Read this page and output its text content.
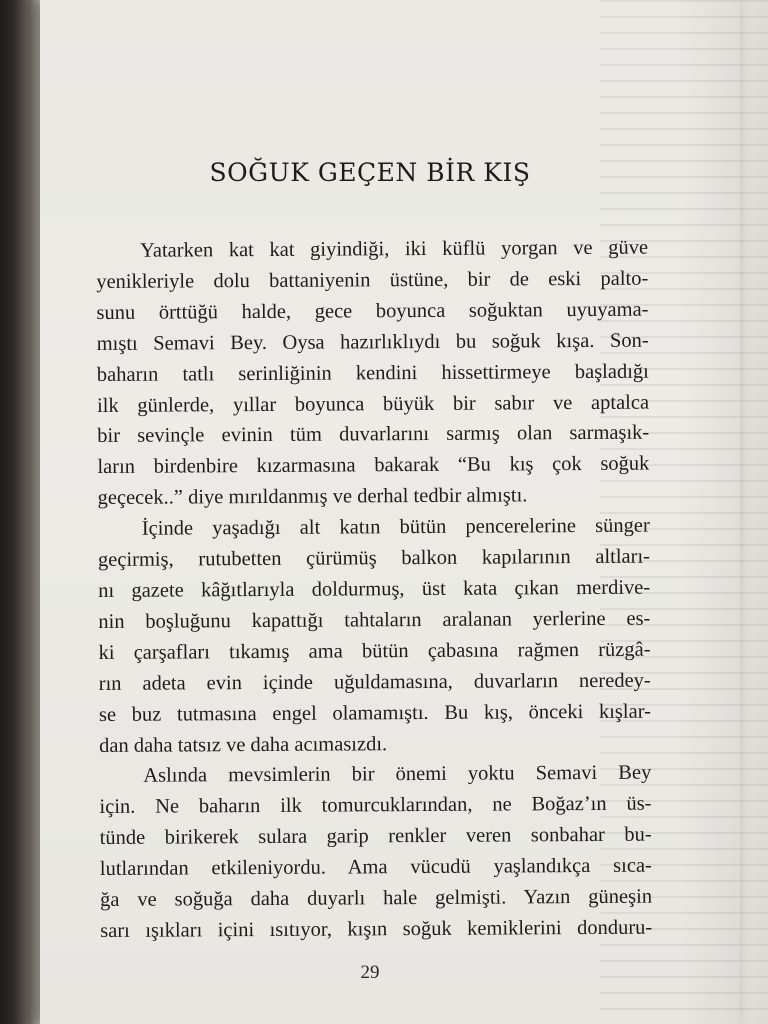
SOĞUK GEÇEN BİR KIŞ
Yatarken kat kat giyindiği, iki küflü yorgan ve güve
yenikleriyle dolu battaniyenin üstüne, bir de eski palto-
sunu örttüğü halde, gece boyunca soğuktan uyuyama-
mıştı Semavi Bey. Oysa hazırlıklıydı bu soğuk kışa. Son-
baharın tatlı serinliğinin kendini hissettirmeye başladığı
ilk günlerde, yıllar boyunca büyük bir sabır ve aptalca
bir sevinçle evinin tüm duvarlarını sarmış olan sarmaşık-
ların birdenbire kızarmasına bakarak “Bu kış çok soğuk
geçecek..” diye mırıldanmış ve derhal tedbir almıştı.
İçinde yaşadığı alt katın bütün pencerelerine sünger
geçirmiş, rutubetten çürümüş balkon kapılarının altları-
nı gazete kâğıtlarıyla doldurmuş, üst kata çıkan merdive-
nin boşluğunu kapattığı tahtaların aralanan yerlerine es-
ki çarşafları tıkamış ama bütün çabasına rağmen rüzgâ-
rın adeta evin içinde uğuldamasına, duvarların neredey-
se buz tutmasına engel olamamıştı. Bu kış, önceki kışlar-
dan daha tatsız ve daha acımasızdı.
Aslında mevsimlerin bir önemi yoktu Semavi Bey
için. Ne baharın ilk tomurcuklarından, ne Boğaz’ın üs-
tünde birikerek sulara garip renkler veren sonbahar bu-
lutlarından etkileniyordu. Ama vücudü yaşlandıkça sıca-
ğa ve soğuğa daha duyarlı hale gelmişti. Yazın güneşin
sarı ışıkları içini ısıtıyor, kışın soğuk kemiklerini donduru-
29
